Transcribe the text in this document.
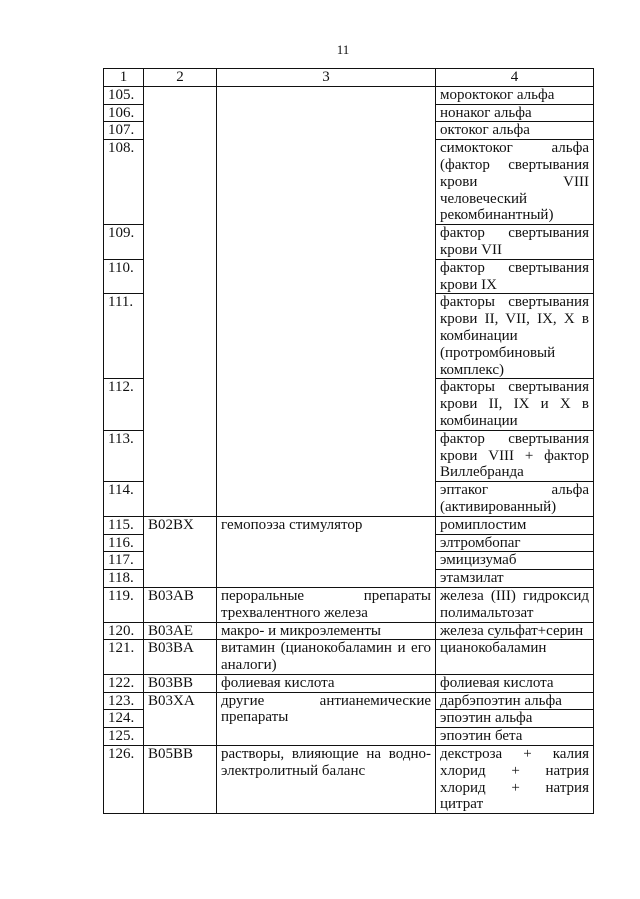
11
1	2	3	4
105.			мороктоког альфа
106.			нонаког альфа
107.			октоког альфа
108.			симоктоког альфа (фактор свертывания крови VIII человеческий рекомбинантный)
109.			фактор свертывания крови VII
110.			фактор свертывания крови IX
111.			факторы свертывания крови II, VII, IX, X в комбинации (протромбиновый комплекс)
112.			факторы свертывания крови II, IX и X в комбинации
113.			фактор свертывания крови VIII + фактор Виллебранда
114.			эптаког альфа (активированный)
115.	B02BX	гемопоэза стимулятор	ромиплостим
116.			элтромбопаг
117.			эмицизумаб
118.			этамзилат
119.	B03AB	пероральные препараты трехвалентного железа	железа (III) гидроксид полимальтозат
120.	B03AE	макро- и микроэлементы	железа сульфат+серин
121.	B03BA	витамин (цианокобаламин и его аналоги)	цианокобаламин
122.	B03BB	фолиевая кислота	фолиевая кислота
123.	B03XA	другие антианемические препараты	дарбэпоэтин альфа
124.			эпоэтин альфа
125.			эпоэтин бета
126.	B05BB	растворы, влияющие на водно-электролитный баланс	декстроза + калия хлорид + натрия хлорид + натрия цитрат
